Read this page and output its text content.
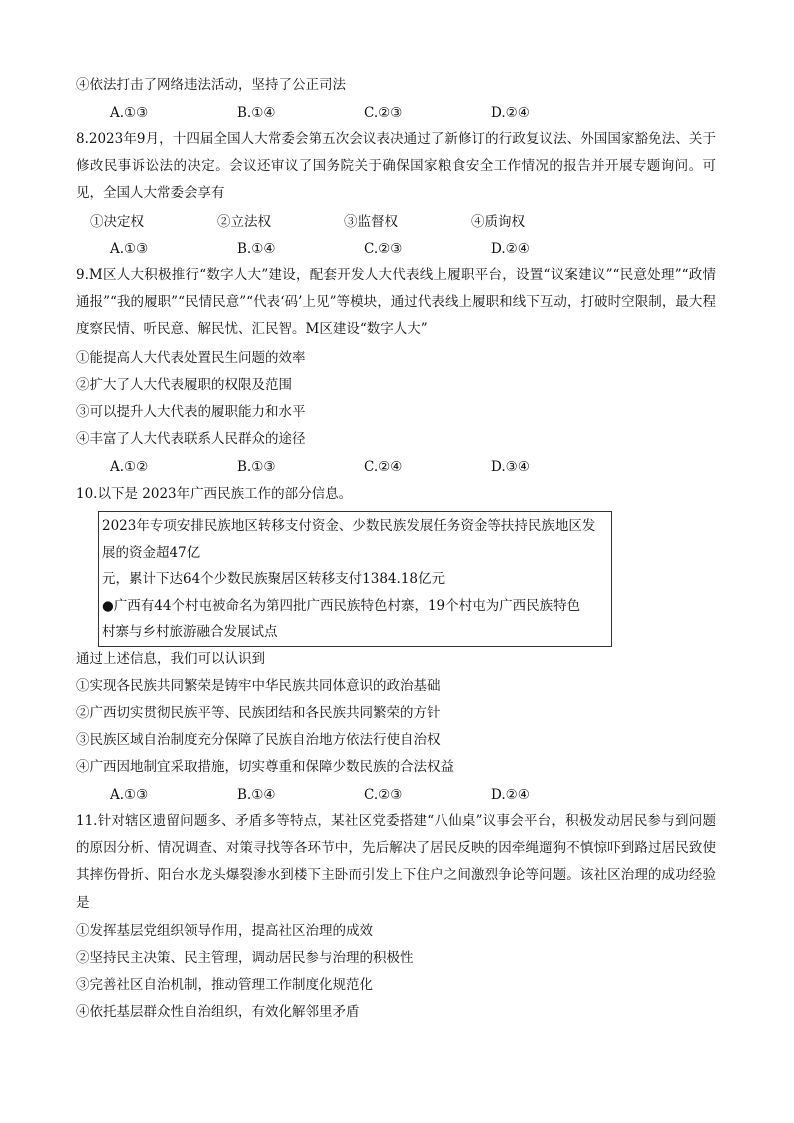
④依法打击了网络违法活动，坚持了公正司法
A.①③	B.①④	C.②③	D.②④
8.2023年9月，十四届全国人大常委会第五次会议表决通过了新修订的行政复议法、外国国家豁免法、关于修改民事诉讼法的决定。会议还审议了国务院关于确保国家粮食安全工作情况的报告并开展专题询问。可见，全国人大常委会享有
①决定权	②立法权	③监督权	④质询权
A.①③	B.①④	C.②③	D.②④
9.M区人大积极推行“数字人大”建设，配套开发人大代表线上履职平台，设置“议案建议”“民意处理”“政情通报”“我的履职”“民情民意”“代表‘码’上见”等模块，通过代表线上履职和线下互动，打破时空限制，最大程度察民情、听民意、解民忧、汇民智。M区建设“数字人大”
①能提高人大代表处置民生问题的效率
②扩大了人大代表履职的权限及范围
③可以提升人大代表的履职能力和水平
④丰富了人大代表联系人民群众的途径
A.①②	B.①③	C.②④	D.③④
10.以下是 2023年广西民族工作的部分信息。
2023年专项安排民族地区转移支付资金、少数民族发展任务资金等扶持民族地区发
展的资金超47亿
元，累计下达64个少数民族聚居区转移支付1384.18亿元
●广西有44个村屯被命名为第四批广西民族特色村寨，19个村屯为广西民族特色
村寨与乡村旅游融合发展试点
通过上述信息，我们可以认识到
①实现各民族共同繁荣是铸牢中华民族共同体意识的政治基础
②广西切实贯彻民族平等、民族团结和各民族共同繁荣的方针
③民族区域自治制度充分保障了民族自治地方依法行使自治权
④广西因地制宜采取措施，切实尊重和保障少数民族的合法权益
A.①③	B.①④	C.②③	D.②④
11.针对辖区遗留问题多、矛盾多等特点，某社区党委搭建“八仙桌”议事会平台，积极发动居民参与到问题的原因分析、情况调查、对策寻找等各环节中，先后解决了居民反映的因牵绳遛狗不慎惊吓到路过居民致使其摔伤骨折、阳台水龙头爆裂渗水到楼下主卧而引发上下住户之间激烈争论等问题。该社区治理的成功经验是
①发挥基层党组织领导作用，提高社区治理的成效
②坚持民主决策、民主管理，调动居民参与治理的积极性
③完善社区自治机制，推动管理工作制度化规范化
④依托基层群众性自治组织，有效化解邻里矛盾
